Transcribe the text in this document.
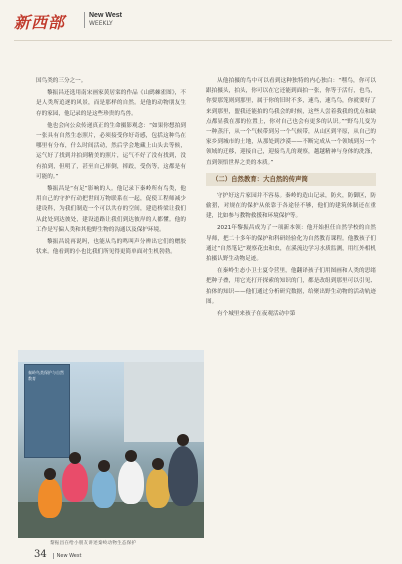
新西部	New West
WEEKLY

国鸟类的三分之一。

黎振昌还选用南宋画家黄居寀的作品《山鹧棘雀图》，不是人类所追逐的风景，而是那样的自然。是他的动物朋友生存的家园，他记录的是这些珍贵的鸟兽。

他也会向公众传递真正的生命摄影观念：“如果你想拍到一张具有自然生态照片，必须接受你好奇感，包括这种鸟在哪里有分布，什么时间活动，然后学会地藏上山头去等候，运气好了找到并拍到精美的照片，运气不好了没有找到，没有拍到，但明了，甚至自己摔倒，摔跤，受伤等，这都是有可能的。”

黎振昌是“有足”影响的人。他记录下秦岭所有鸟类，他用自己的守护行动把世间万物联系在一起，促使工程师减少建设科，为我们制造一个可以共存的空间，建造桥梁让我们从此处到达彼处，建设道路让我们到达彼岸的人都懂。他的工作是写偏人类和其他野生物的沟通以及保护环境。

黎振昌说再说吗，也能从鸟的鸣叫声分辨出它们的赠胶状来。他看到的小也比我们所见得更简单面对生机勃勃。

从他拍摄的鸟中可以看到这种独特的内心独白：“嘿鸟，你可以跟拍摄头，拍头，你可以在它还能到面拍一张，你等于活行，也鸟，你要那笼则到那里，属于你的旧时不多，速鸟，速鸟鸟，你就要好了来到那里，盟我还能拍的鸟我会的时候，这些人尝着我我的优点和缺点都显我在那的位置上，你对自己也会有更多的认识。”“野鸟儿变为一种蒸汗，从一个气候带到另一个气候带，从山区到平原，从自己的家乡到城市的土地，从那处到沙漠——不断完成从一个领域到另一个领域的迁移，迎接自己，迎接鸟儿的观察，越越精神与身体的洗涤，直到领悟世界之美的本质。”

（二）自然教育：大自然的传声筒

守护好这片家园并不容易。秦岭的造山记录，防火，防御区，防偷猎，对规在的保护从依靠于各途径不够，他们的建筑体制还在重建，比如参与教物救援和环境保护等。

2021年黎振昌成为了一项新本领：他开始担任自然学校的自然导师，把二十多年的保护和科研经验化为自然教育课程。他教孩子们通过“自然笔记”观察花虫和虫，在溪流边学习水质监测，用红外相机拍摄认野生动物足迹。

在秦岭生态小卫士夏令营里，他翻译孩子们用图画和人类的思绪把种子叠，用它光打开探索的知识的门，都是改组到那里可以引见、拍体的知识——他们通过分析研究数据，给聚出野生动物的活动轨迹图。

有个城里来孩子在夜观活动中第

秦岭鸟类保护与自然教育
黎振昌在给小朋友讲述秦岭动物生态保护
34 New West
